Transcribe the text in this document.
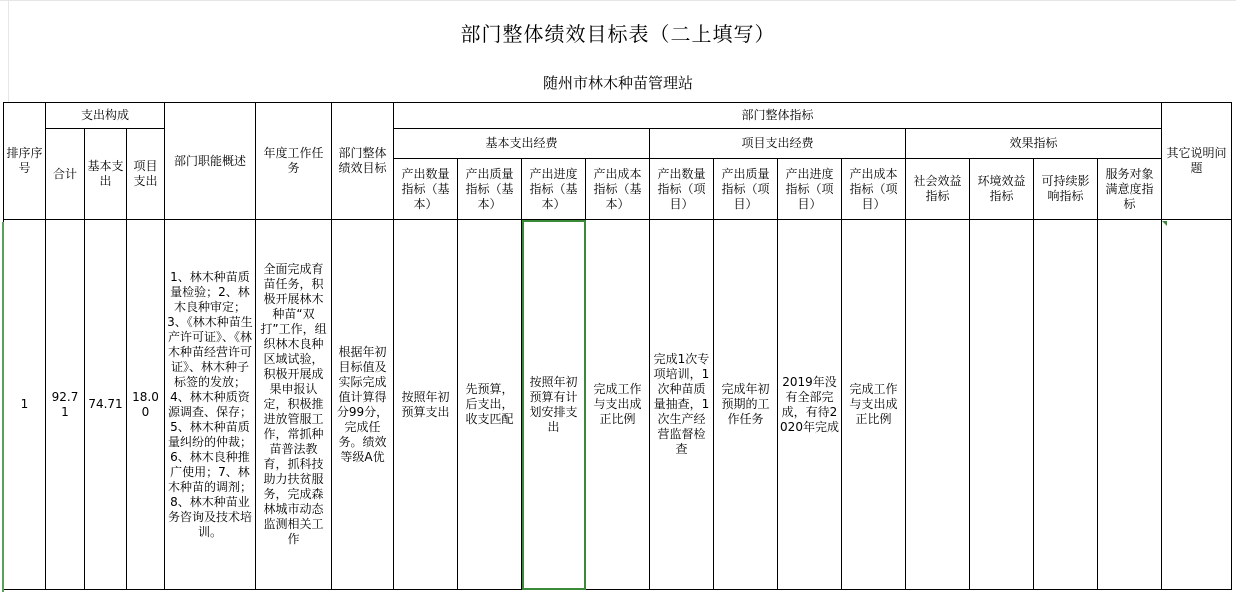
部门整体绩效目标表（二上填写）
随州市林木种苗管理站
排序序号	支出构成			部门职能概述	年度工作任务	部门整体绩效目标	部门整体指标												其它说明问题
	合计	基本支出	项目支出				基本支出经费				项目支出经费				效果指标				
							产出数量指标（基本）	产出质量指标（基本）	产出进度指标（基本）	产出成本指标（基本）	产出数量指标（项目）	产出质量指标（项目）	产出进度指标（项目）	产出成本指标（项目）	社会效益指标	环境效益指标	可持续影响指标	服务对象满意度指标	
1	92.71	74.71	18.00	1、林木种苗质量检验；2、林木良种审定；3、《林木种苗生产许可证》、《林木种苗经营许可证》、林木种子标签的发放；4、林木种质资源调查、保存；5、林木种苗质量纠纷的仲裁；6、林木良种推广使用；7、林木种苗的调剂；8、林木种苗业务咨询及技术培训。	全面完成育苗任务，积极开展林木种苗“双打”工作，组织林木良种区域试验，积极开展成果申报认定，积极推进放管服工作，常抓种苗普法教育，抓科技助力扶贫服务，完成森林城市动态监测相关工作	根据年初目标值及实际完成值计算得分99分，完成任务。绩效等级A优	按照年初预算支出	先预算，后支出，收支匹配	按照年初预算有计划安排支出	完成工作与支出成正比例	完成1次专项培训，1次种苗质量抽查，1次生产经营监督检查	完成年初预期的工作任务	2019年没有全部完成，有待2020年完成	完成工作与支出成正比例					
